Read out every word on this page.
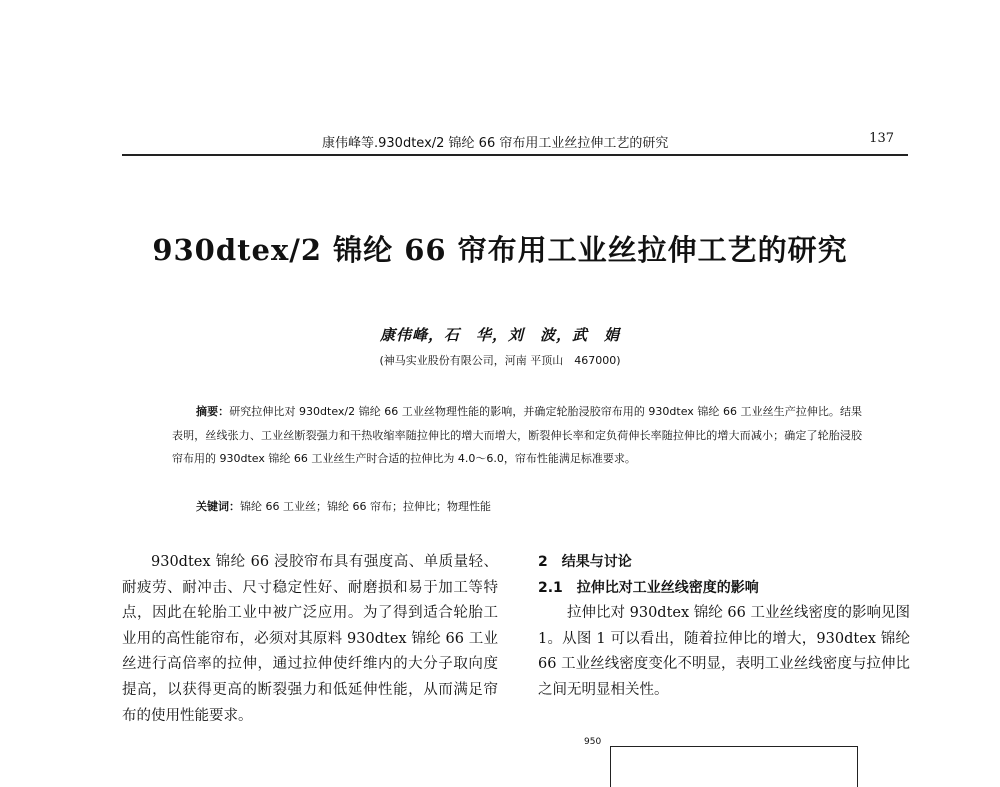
康伟峰等.930dtex/2 锦纶 66 帘布用工业丝拉伸工艺的研究	137
930dtex/2 锦纶 66 帘布用工业丝拉伸工艺的研究
康伟峰，石　华，刘　波，武　娟
(神马实业股份有限公司，河南 平顶山　467000)
摘要：研究拉伸比对 930dtex/2 锦纶 66 工业丝物理性能的影响，并确定轮胎浸胶帘布用的 930dtex 锦纶 66 工业丝生产拉伸比。结果表明，丝线张力、工业丝断裂强力和干热收缩率随拉伸比的增大而增大，断裂伸长率和定负荷伸长率随拉伸比的增大而减小；确定了轮胎浸胶帘布用的 930dtex 锦纶 66 工业丝生产时合适的拉伸比为 4.0～6.0，帘布性能满足标准要求。
关键词：锦纶 66 工业丝；锦纶 66 帘布；拉伸比；物理性能

930dtex 锦纶 66 浸胶帘布具有强度高、单质量轻、耐疲劳、耐冲击、尺寸稳定性好、耐磨损和易于加工等特点，因此在轮胎工业中被广泛应用。为了得到适合轮胎工业用的高性能帘布，必须对其原料 930dtex 锦纶 66 工业丝进行高倍率的拉伸，通过拉伸使纤维内的大分子取向度提高，以获得更高的断裂强力和低延伸性能，从而满足帘布的使用性能要求。

2　结果与讨论
2.1　拉伸比对工业丝线密度的影响

拉伸比对 930dtex 锦纶 66 工业丝线密度的影响见图 1。从图 1 可以看出，随着拉伸比的增大，930dtex 锦纶 66 工业丝线密度变化不明显，表明工业丝线密度与拉伸比之间无明显相关性。

950
